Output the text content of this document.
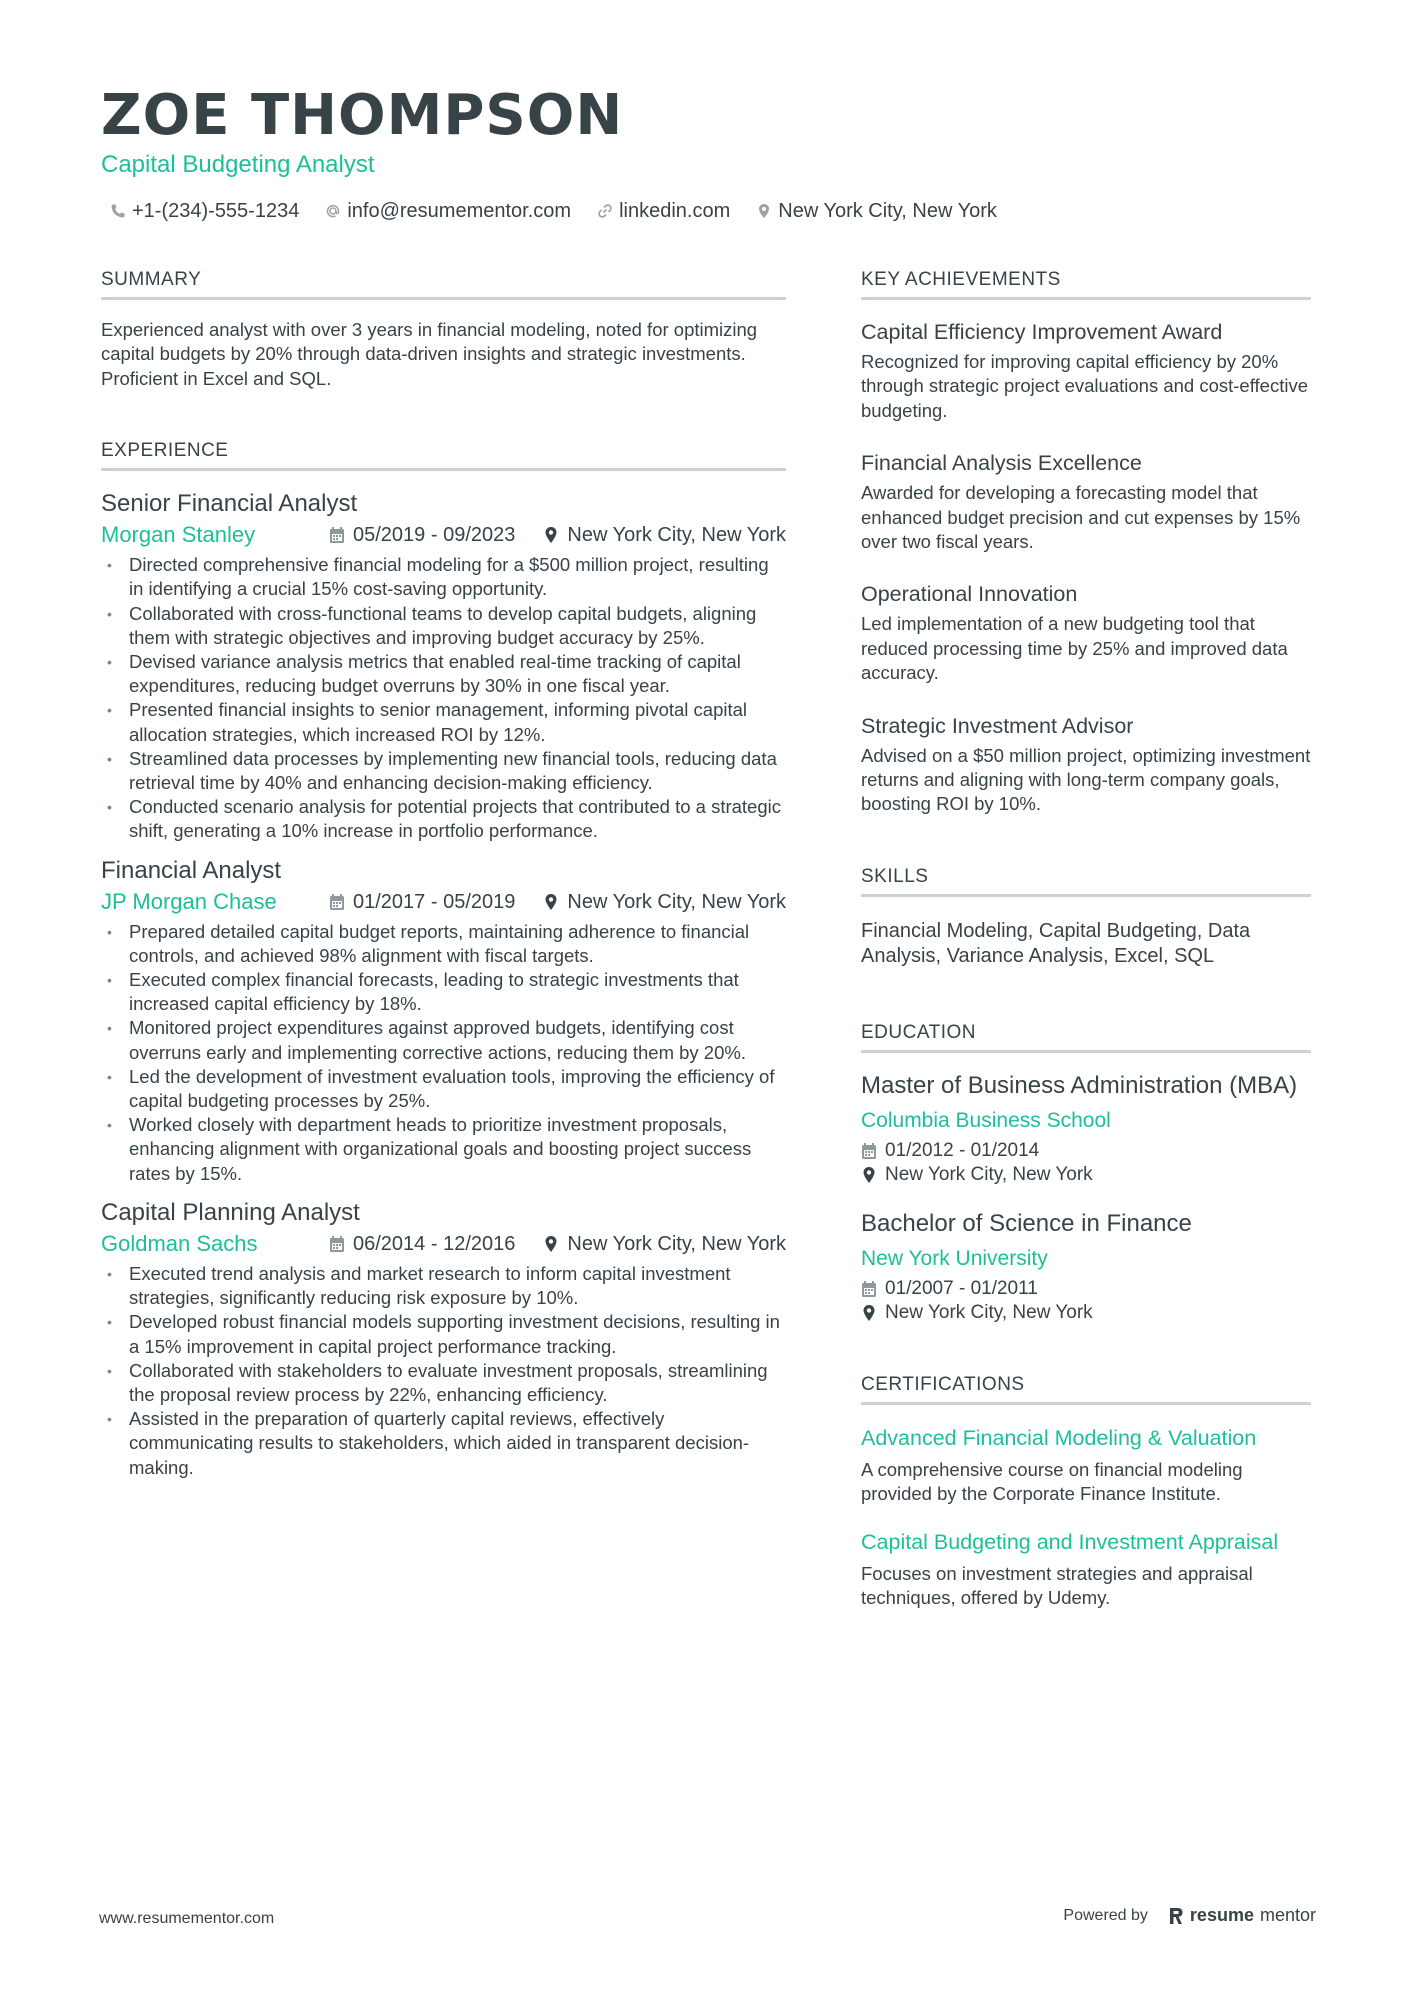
ZOE THOMPSON
Capital Budgeting Analyst
+1-(234)-555-1234 info@resumementor.com linkedin.com New York City, New York
SUMMARY

Experienced analyst with over 3 years in financial modeling, noted for optimizing capital budgets by 20% through data-driven insights and strategic investments. Proficient in Excel and SQL.

EXPERIENCE
Senior Financial Analyst
Morgan Stanley	05/2019 - 09/2023	New York City, New York
• Directed comprehensive financial modeling for a $500 million project, resulting in identifying a crucial 15% cost-saving opportunity.
• Collaborated with cross-functional teams to develop capital budgets, aligning them with strategic objectives and improving budget accuracy by 25%.
• Devised variance analysis metrics that enabled real-time tracking of capital expenditures, reducing budget overruns by 30% in one fiscal year.
• Presented financial insights to senior management, informing pivotal capital allocation strategies, which increased ROI by 12%.
• Streamlined data processes by implementing new financial tools, reducing data retrieval time by 40% and enhancing decision-making efficiency.
• Conducted scenario analysis for potential projects that contributed to a strategic shift, generating a 10% increase in portfolio performance.
Financial Analyst
JP Morgan Chase	01/2017 - 05/2019	New York City, New York
• Prepared detailed capital budget reports, maintaining adherence to financial controls, and achieved 98% alignment with fiscal targets.
• Executed complex financial forecasts, leading to strategic investments that increased capital efficiency by 18%.
• Monitored project expenditures against approved budgets, identifying cost overruns early and implementing corrective actions, reducing them by 20%.
• Led the development of investment evaluation tools, improving the efficiency of capital budgeting processes by 25%.
• Worked closely with department heads to prioritize investment proposals, enhancing alignment with organizational goals and boosting project success rates by 15%.
Capital Planning Analyst
Goldman Sachs	06/2014 - 12/2016	New York City, New York
• Executed trend analysis and market research to inform capital investment strategies, significantly reducing risk exposure by 10%.
• Developed robust financial models supporting investment decisions, resulting in a 15% improvement in capital project performance tracking.
• Collaborated with stakeholders to evaluate investment proposals, streamlining the proposal review process by 22%, enhancing efficiency.
• Assisted in the preparation of quarterly capital reviews, effectively communicating results to stakeholders, which aided in transparent decision-making.
KEY ACHIEVEMENTS
Capital Efficiency Improvement Award

Recognized for improving capital efficiency by 20% through strategic project evaluations and cost-effective budgeting.

Financial Analysis Excellence

Awarded for developing a forecasting model that enhanced budget precision and cut expenses by 15% over two fiscal years.

Operational Innovation

Led implementation of a new budgeting tool that reduced processing time by 25% and improved data accuracy.

Strategic Investment Advisor

Advised on a $50 million project, optimizing investment returns and aligning with long-term company goals, boosting ROI by 10%.

SKILLS

Financial Modeling, Capital Budgeting, Data Analysis, Variance Analysis, Excel, SQL

EDUCATION
Master of Business Administration (MBA)
Columbia Business School
01/2012 - 01/2014
New York City, New York
Bachelor of Science in Finance
New York University
01/2007 - 01/2011
New York City, New York
CERTIFICATIONS
Advanced Financial Modeling & Valuation

A comprehensive course on financial modeling provided by the Corporate Finance Institute.

Capital Budgeting and Investment Appraisal

Focuses on investment strategies and appraisal techniques, offered by Udemy.

www.resumementor.com	Powered by resume mentor
